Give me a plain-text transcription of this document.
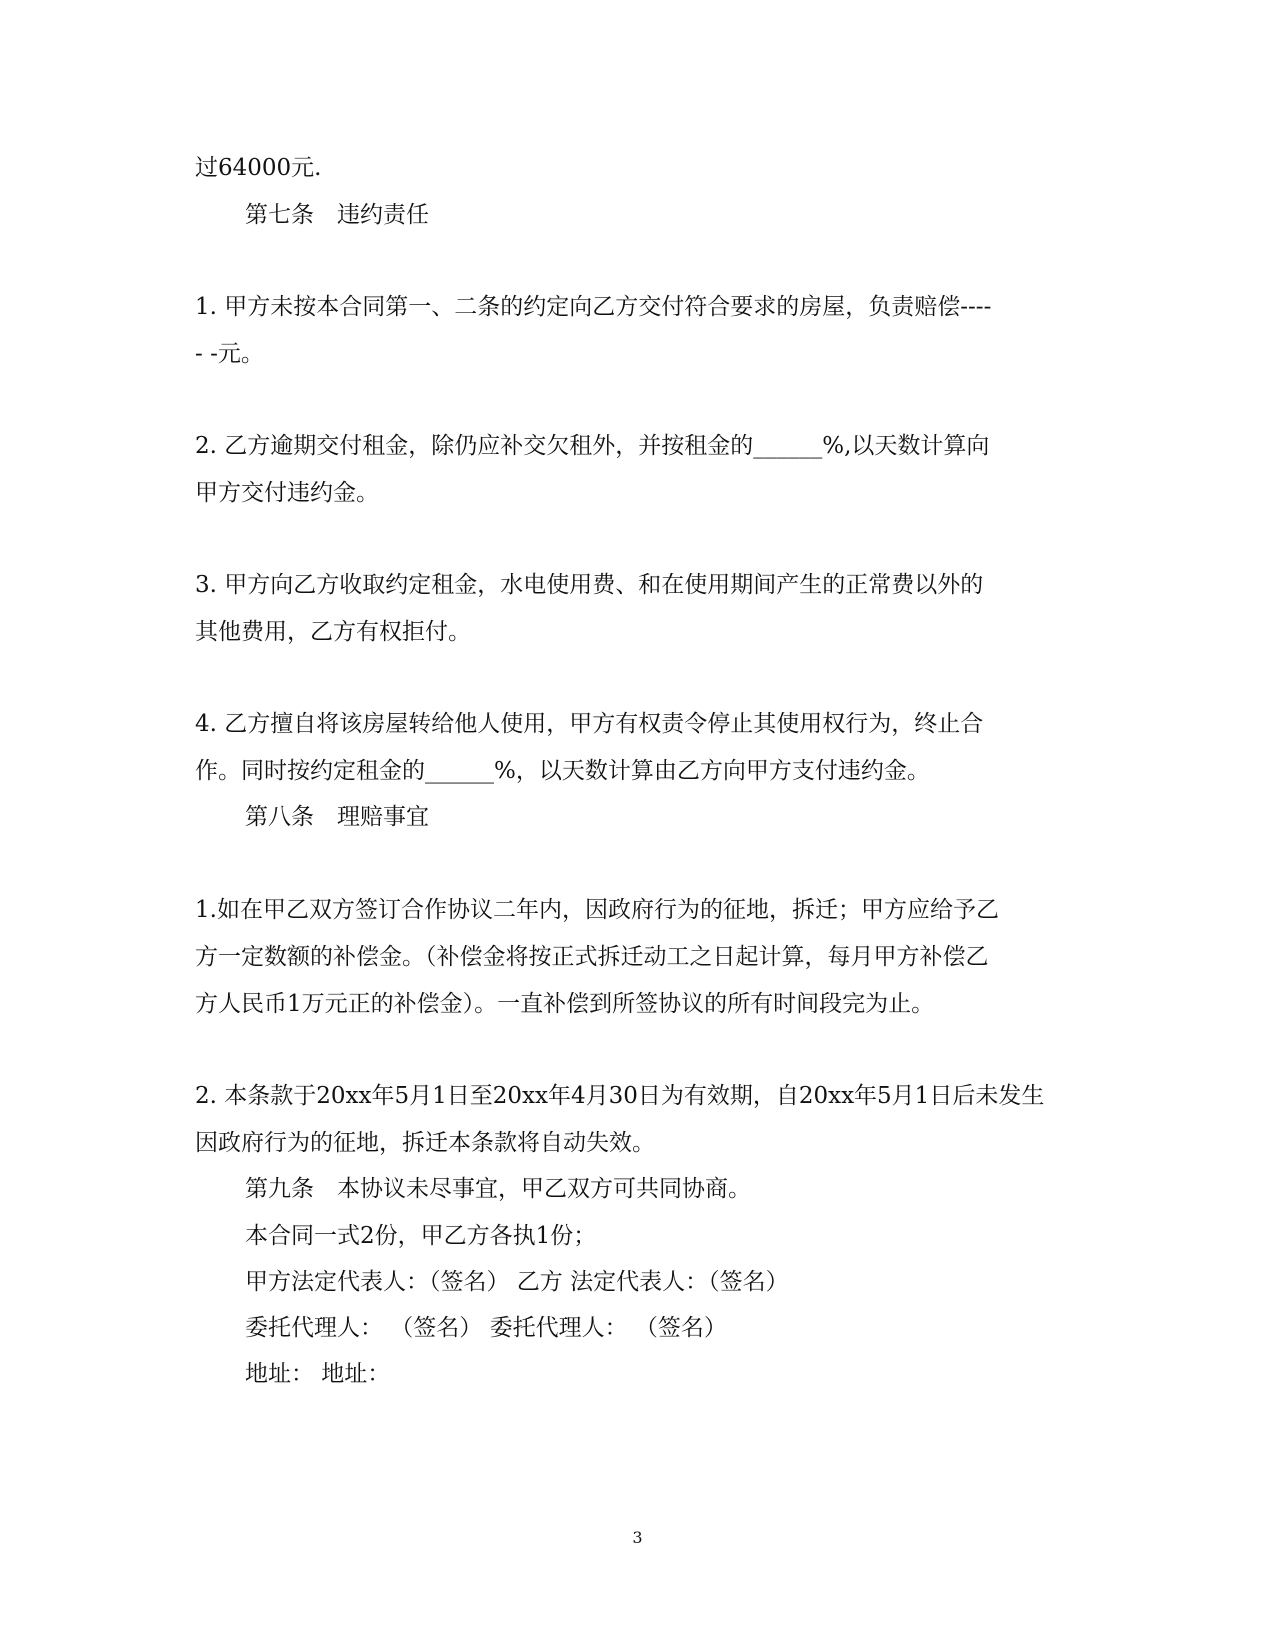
过64000元.
第七条　违约责任
1. 甲方未按本合同第一、二条的约定向乙方交付符合要求的房屋，负责赔偿----
- -元。
2. 乙方逾期交付租金，除仍应补交欠租外，并按租金的______%,以天数计算向
甲方交付违约金。
3. 甲方向乙方收取约定租金，水电使用费、和在使用期间产生的正常费以外的
其他费用，乙方有权拒付。
4. 乙方擅自将该房屋转给他人使用，甲方有权责令停止其使用权行为，终止合
作。同时按约定租金的______%，以天数计算由乙方向甲方支付违约金。
第八条　理赔事宜
1.如在甲乙双方签订合作协议二年内，因政府行为的征地，拆迁；甲方应给予乙
方一定数额的补偿金。（补偿金将按正式拆迁动工之日起计算，每月甲方补偿乙
方人民币1万元正的补偿金）。一直补偿到所签协议的所有时间段完为止。
2. 本条款于20xx年5月1日至20xx年4月30日为有效期，自20xx年5月1日后未发生
因政府行为的征地，拆迁本条款将自动失效。
第九条　本协议未尽事宜，甲乙双方可共同协商。
本合同一式2份，甲乙方各执1份；
甲方法定代表人：（签名） 乙方 法定代表人：（签名）
委托代理人： （签名） 委托代理人： （签名）
地址： 地址：
3
